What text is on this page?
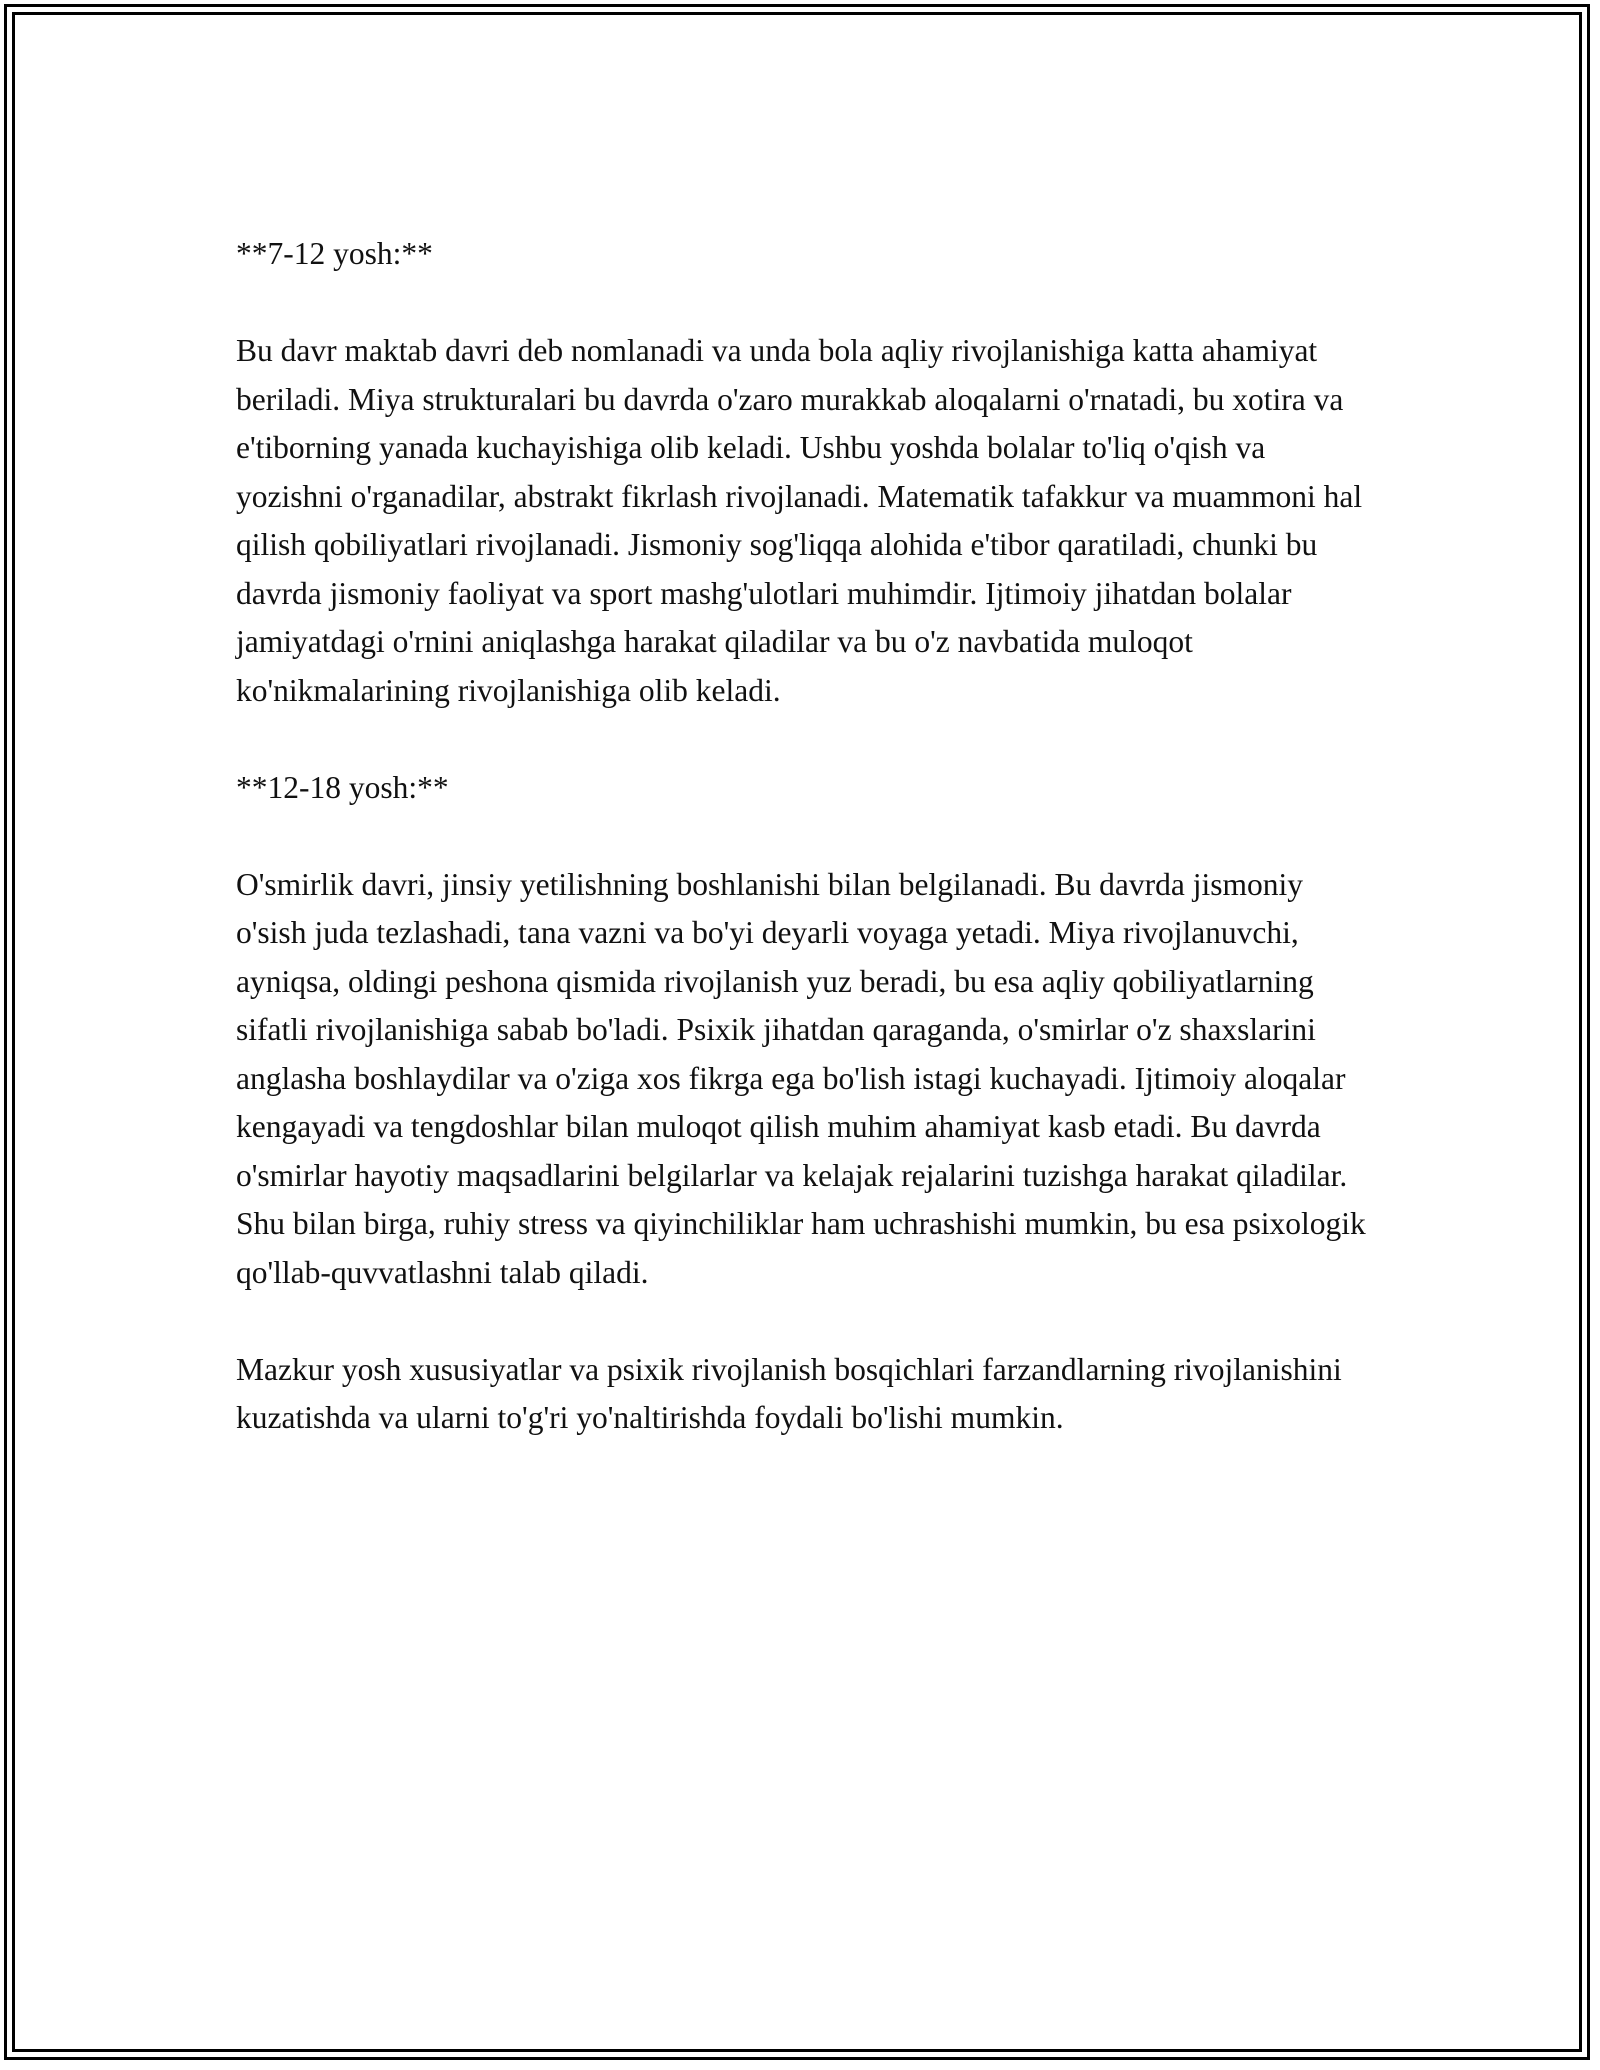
**7-12 yosh:**

Bu davr maktab davri deb nomlanadi va unda bola aqliy rivojlanishiga katta ahamiyat beriladi. Miya strukturalari bu davrda o'zaro murakkab aloqalarni o'rnatadi, bu xotira va e'tiborning yanada kuchayishiga olib keladi. Ushbu yoshda bolalar to'liq o'qish va yozishni o'rganadilar, abstrakt fikrlash rivojlanadi. Matematik tafakkur va muammoni hal qilish qobiliyatlari rivojlanadi. Jismoniy sog'liqqa alohida e'tibor qaratiladi, chunki bu davrda jismoniy faoliyat va sport mashg'ulotlari muhimdir. Ijtimoiy jihatdan bolalar jamiyatdagi o'rnini aniqlashga harakat qiladilar va bu o'z navbatida muloqot ko'nikmalarining rivojlanishiga olib keladi.

**12-18 yosh:**

O'smirlik davri, jinsiy yetilishning boshlanishi bilan belgilanadi. Bu davrda jismoniy o'sish juda tezlashadi, tana vazni va bo'yi deyarli voyaga yetadi. Miya rivojlanuvchi, ayniqsa, oldingi peshona qismida rivojlanish yuz beradi, bu esa aqliy qobiliyatlarning sifatli rivojlanishiga sabab bo'ladi. Psixik jihatdan qaraganda, o'smirlar o'z shaxslarini anglasha boshlaydilar va o'ziga xos fikrga ega bo'lish istagi kuchayadi. Ijtimoiy aloqalar kengayadi va tengdoshlar bilan muloqot qilish muhim ahamiyat kasb etadi. Bu davrda o'smirlar hayotiy maqsadlarini belgilarlar va kelajak rejalarini tuzishga harakat qiladilar. Shu bilan birga, ruhiy stress va qiyinchiliklar ham uchrashishi mumkin, bu esa psixologik qo'llab-quvvatlashni talab qiladi.

Mazkur yosh xususiyatlar va psixik rivojlanish bosqichlari farzandlarning rivojlanishini kuzatishda va ularni to'g'ri yo'naltirishda foydali bo'lishi mumkin.
